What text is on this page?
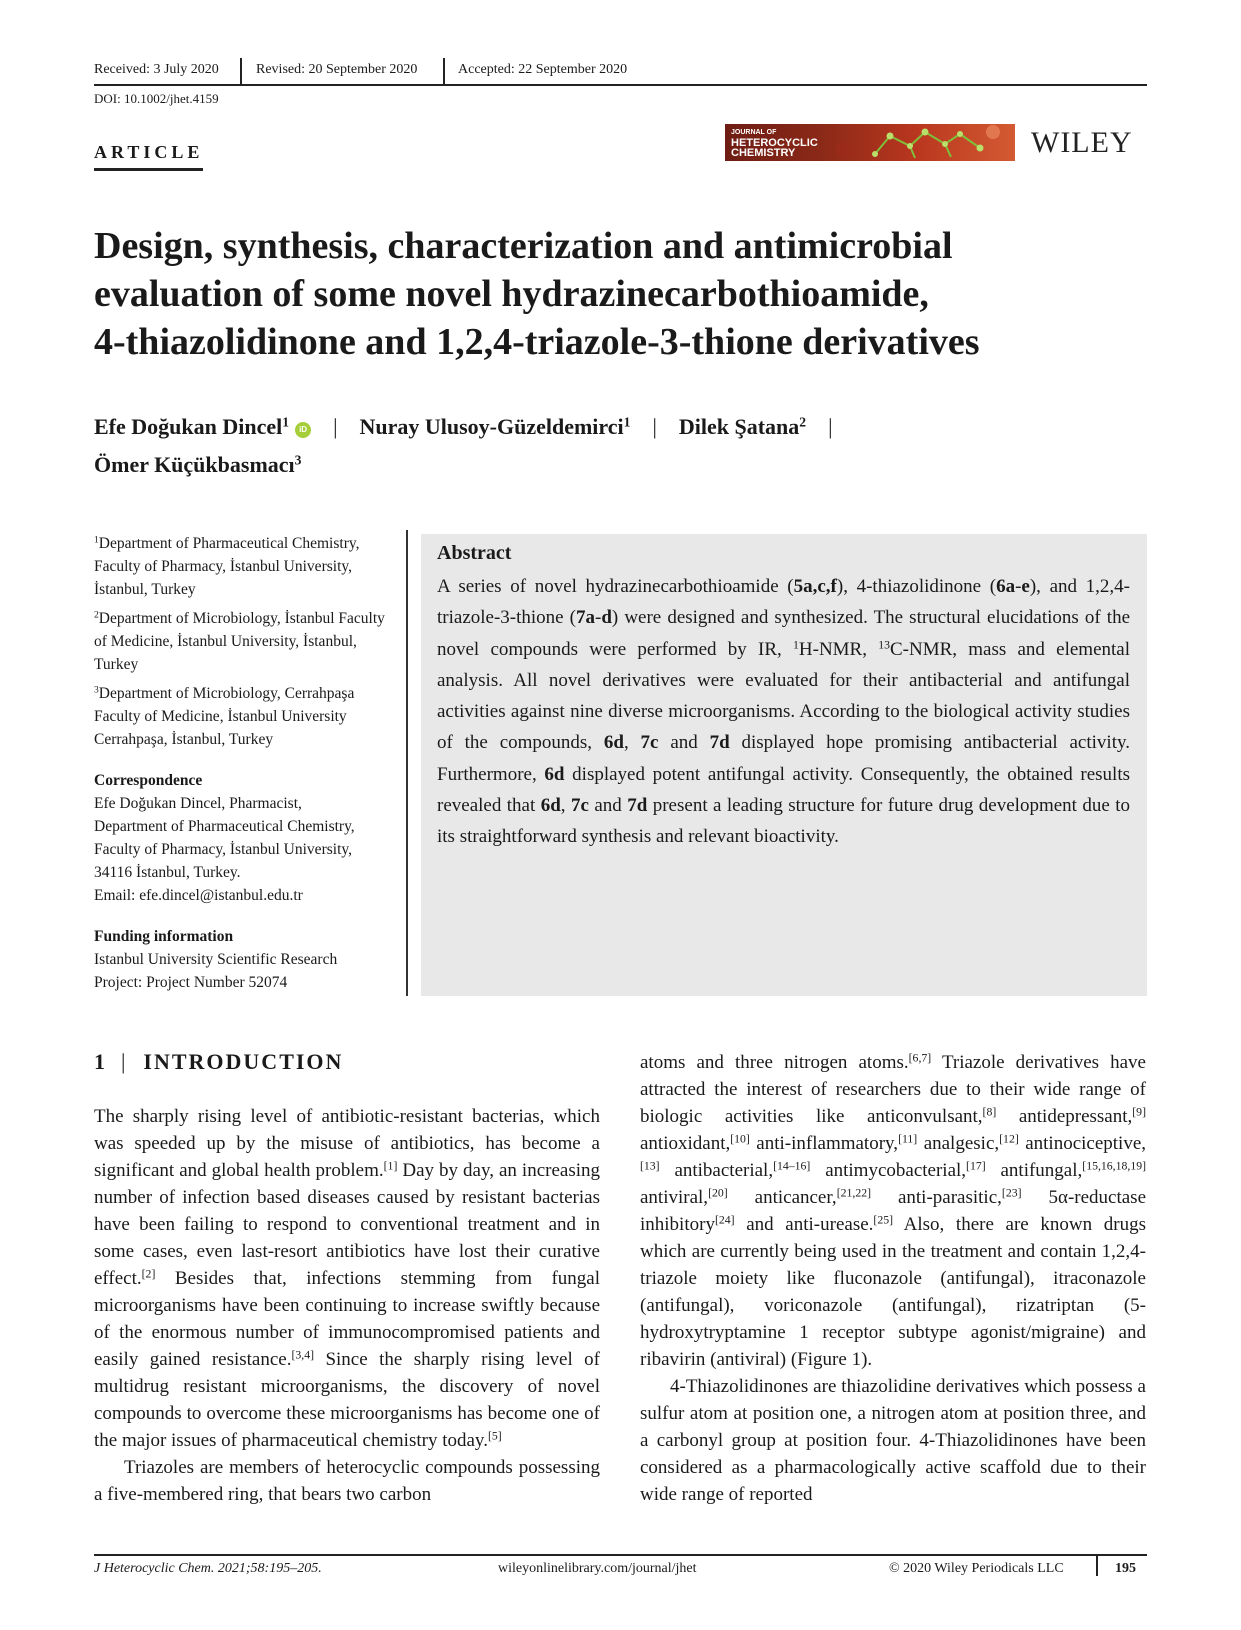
Received: 3 July 2020	Revised: 20 September 2020	Accepted: 22 September 2020
DOI: 10.1002/jhet.4159
ARTICLE
JOURNAL OF
HETEROCYCLIC
CHEMISTRY	WILEY
Design, synthesis, characterization and antimicrobial
evaluation of some novel hydrazinecarbothioamide,
4-thiazolidinone and 1,2,4-triazole-3-thione derivatives
Efe Doğukan Dincel$^1$ iD | Nuray Ulusoy-Güzeldemirci$^1$ | Dilek Şatana$^2$ |
Ömer Küçükbasmacı$^3$
$^1$Department of Pharmaceutical Chemistry, Faculty of Pharmacy, İstanbul University, İstanbul, Turkey
$^2$Department of Microbiology, İstanbul Faculty of Medicine, İstanbul University, İstanbul, Turkey
$^3$Department of Microbiology, Cerrahpaşa Faculty of Medicine, İstanbul University Cerrahpaşa, İstanbul, Turkey
Correspondence
Efe Doğukan Dincel, Pharmacist,
Department of Pharmaceutical Chemistry,
Faculty of Pharmacy, İstanbul University,
34116 İstanbul, Turkey.
Email: efe.dincel@istanbul.edu.tr
Funding information
Istanbul University Scientific Research
Project: Project Number 52074
Abstract
A series of novel hydrazinecarbothioamide (5a,c,f), 4-thiazolidinone (6a-e), and 1,2,4-triazole-3-thione (7a-d) were designed and synthesized. The structural elucidations of the novel compounds were performed by IR, $^1$H-NMR, $^{13}$C-NMR, mass and elemental analysis. All novel derivatives were evaluated for their antibacterial and antifungal activities against nine diverse microorganisms. According to the biological activity studies of the compounds, 6d, 7c and 7d displayed hope promising antibacterial activity. Furthermore, 6d displayed potent antifungal activity. Consequently, the obtained results revealed that 6d, 7c and 7d present a leading structure for future drug development due to its straightforward synthesis and relevant bioactivity.
1 | INTRODUCTION

The sharply rising level of antibiotic-resistant bacterias, which was speeded up by the misuse of antibiotics, has become a significant and global health problem.[1] Day by day, an increasing number of infection based diseases caused by resistant bacterias have been failing to respond to conventional treatment and in some cases, even last-resort antibiotics have lost their curative effect.[2] Besides that, infections stemming from fungal microorganisms have been continuing to increase swiftly because of the enormous number of immunocompromised patients and easily gained resistance.[3,4] Since the sharply rising level of multidrug resistant microorganisms, the discovery of novel compounds to overcome these microorganisms has become one of the major issues of pharmaceutical chemistry today.[5]

Triazoles are members of heterocyclic compounds possessing a five-membered ring, that bears two carbon

atoms and three nitrogen atoms.[6,7] Triazole derivatives have attracted the interest of researchers due to their wide range of biologic activities like anticonvulsant,[8] antidepressant,[9] antioxidant,[10] anti-inflammatory,[11] analgesic,[12] antinociceptive,[13] antibacterial,[14–16] antimycobacterial,[17] antifungal,[15,16,18,19] antiviral,[20] anticancer,[21,22] anti-parasitic,[23] 5α-reductase inhibitory[24] and anti-urease.[25] Also, there are known drugs which are currently being used in the treatment and contain 1,2,4-triazole moiety like fluconazole (antifungal), itraconazole (antifungal), voriconazole (antifungal), rizatriptan (5-hydroxytryptamine 1 receptor subtype agonist/migraine) and ribavirin (antiviral) (Figure 1).

4-Thiazolidinones are thiazolidine derivatives which possess a sulfur atom at position one, a nitrogen atom at position three, and a carbonyl group at position four. 4-Thiazolidinones have been considered as a pharmacologically active scaffold due to their wide range of reported

J Heterocyclic Chem. 2021;58:195–205.	wileyonlinelibrary.com/journal/jhet	© 2020 Wiley Periodicals LLC	195
